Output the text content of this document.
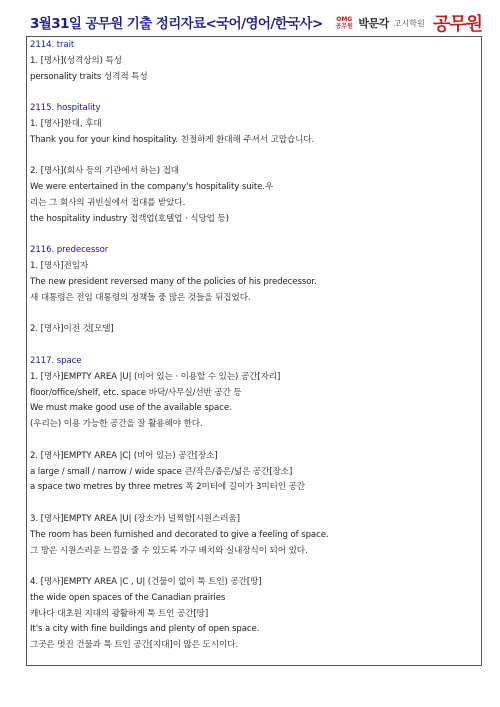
3월31일 공무원 기출 정리자료<국어/영어/한국사> OMG
공무원 박문각 고시학원 공무원
2114. trait
1. [명사](성격상의) 특성
personality traits 성격적 특성
2115. hospitality
1. [명사]환대, 후대
Thank you for your kind hospitality. 친절하게 환대해 주셔서 고맙습니다.
2. [명사](회사 등의 기관에서 하는) 접대
We were entertained in the company's hospitality suite.우
리는 그 회사의 귀빈실에서 접대를 받았다.
the hospitality industry 접객업(호텔업 · 식당업 등)
2116. predecessor
1. [명사]전임자
The new president reversed many of the policies of his predecessor.
새 대통령은 전임 대통령의 정책들 중 많은 것들을 뒤집었다.
2. [명사]이전 것[모델]
2117. space
1. [명사]EMPTY AREA |U| (비어 있는 · 이용할 수 있는) 공간[자리]
floor/office/shelf, etc. space 바닥/사무실/선반 공간 등
We must make good use of the available space.
(우리는) 이용 가능한 공간을 잘 활용해야 한다.
2. [명사]EMPTY AREA |C| (비어 있는) 공간[장소]
a large / small / narrow / wide space 큰/작은/좁은/넓은 공간[장소]
a space two metres by three metres 폭 2미터에 길이가 3미터인 공간
3. [명사]EMPTY AREA |U| (장소가) 널찍함[시원스러움]
The room has been furnished and decorated to give a feeling of space.
그 방은 시원스러운 느낌을 줄 수 있도록 가구 배치와 실내장식이 되어 있다.
4. [명사]EMPTY AREA |C , U| (건물이 없이 툭 트인) 공간[땅]
the wide open spaces of the Canadian prairies
캐나다 대초원 지대의 광활하게 툭 트인 공간[땅]
It's a city with fine buildings and plenty of open space.
그곳은 멋진 건물과 툭 트인 공간[지대]이 많은 도시이다.
